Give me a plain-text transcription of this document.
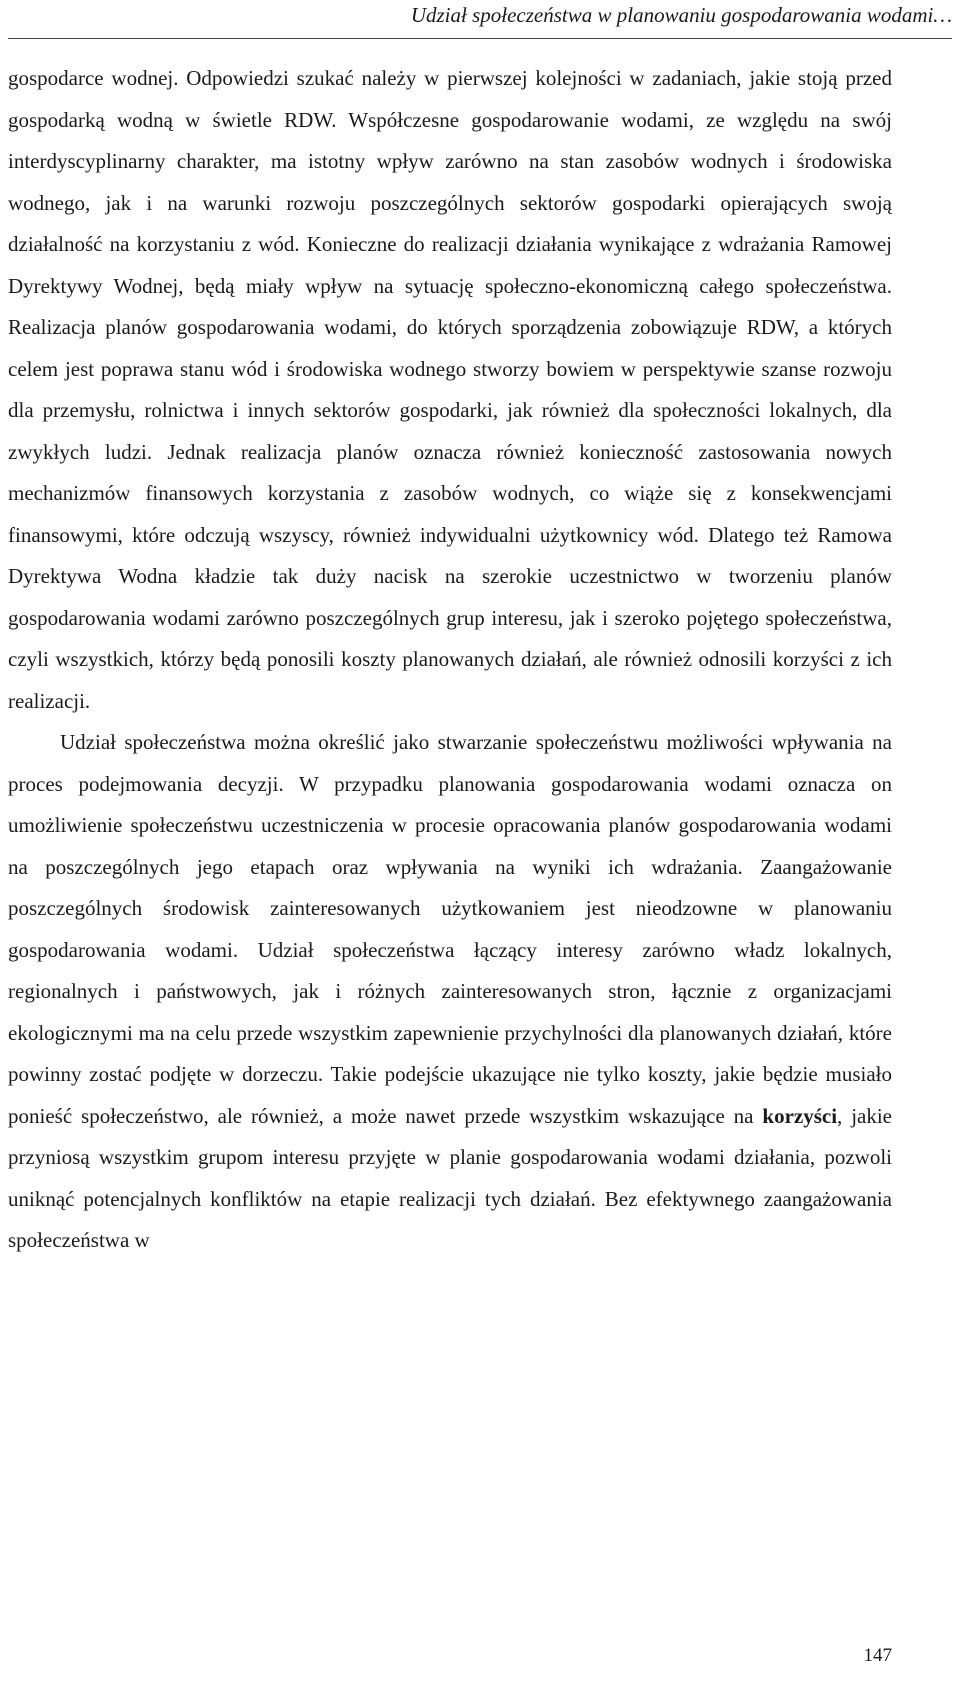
Udział społeczeństwa w planowaniu gospodarowania wodami…

gospodarce wodnej. Odpowiedzi szukać należy w pierwszej kolejności w zadaniach, jakie stoją przed gospodarką wodną w świetle RDW. Współczesne gospodarowanie wodami, ze względu na swój interdyscyplinarny charakter, ma istotny wpływ zarówno na stan zasobów wodnych i środowiska wodnego, jak i na warunki rozwoju poszczególnych sektorów gospodarki opierających swoją działalność na korzystaniu z wód. Konieczne do realizacji działania wynikające z wdrażania Ramowej Dyrektywy Wodnej, będą miały wpływ na sytuację społeczno-ekonomiczną całego społeczeństwa. Realizacja planów gospodarowania wodami, do których sporządzenia zobowiązuje RDW, a których celem jest poprawa stanu wód i środowiska wodnego stworzy bowiem w perspektywie szanse rozwoju dla przemysłu, rolnictwa i innych sektorów gospodarki, jak również dla społeczności lokalnych, dla zwykłych ludzi. Jednak realizacja planów oznacza również konieczność zastosowania nowych mechanizmów finansowych korzystania z zasobów wodnych, co wiąże się z konsekwencjami finansowymi, które odczują wszyscy, również indywidualni użytkownicy wód. Dlatego też Ramowa Dyrektywa Wodna kładzie tak duży nacisk na szerokie uczestnictwo w tworzeniu planów gospodarowania wodami zarówno poszczególnych grup interesu, jak i szeroko pojętego społeczeństwa, czyli wszystkich, którzy będą ponosili koszty planowanych działań, ale również odnosili korzyści z ich realizacji.

Udział społeczeństwa można określić jako stwarzanie społeczeństwu możliwości wpływania na proces podejmowania decyzji. W przypadku planowania gospodarowania wodami oznacza on umożliwienie społeczeństwu uczestniczenia w procesie opracowania planów gospodarowania wodami na poszczególnych jego etapach oraz wpływania na wyniki ich wdrażania. Zaangażowanie poszczególnych środowisk zainteresowanych użytkowaniem jest nieodzowne w planowaniu gospodarowania wodami. Udział społeczeństwa łączący interesy zarówno władz lokalnych, regionalnych i państwowych, jak i różnych zainteresowanych stron, łącznie z organizacjami ekologicznymi ma na celu przede wszystkim zapewnienie przychylności dla planowanych działań, które powinny zostać podjęte w dorzeczu. Takie podejście ukazujące nie tylko koszty, jakie będzie musiało ponieść społeczeństwo, ale również, a może nawet przede wszystkim wskazujące na korzyści, jakie przyniosą wszystkim grupom interesu przyjęte w planie gospodarowania wodami działania, pozwoli uniknąć potencjalnych konfliktów na etapie realizacji tych działań. Bez efektywnego zaangażowania społeczeństwa w

147
